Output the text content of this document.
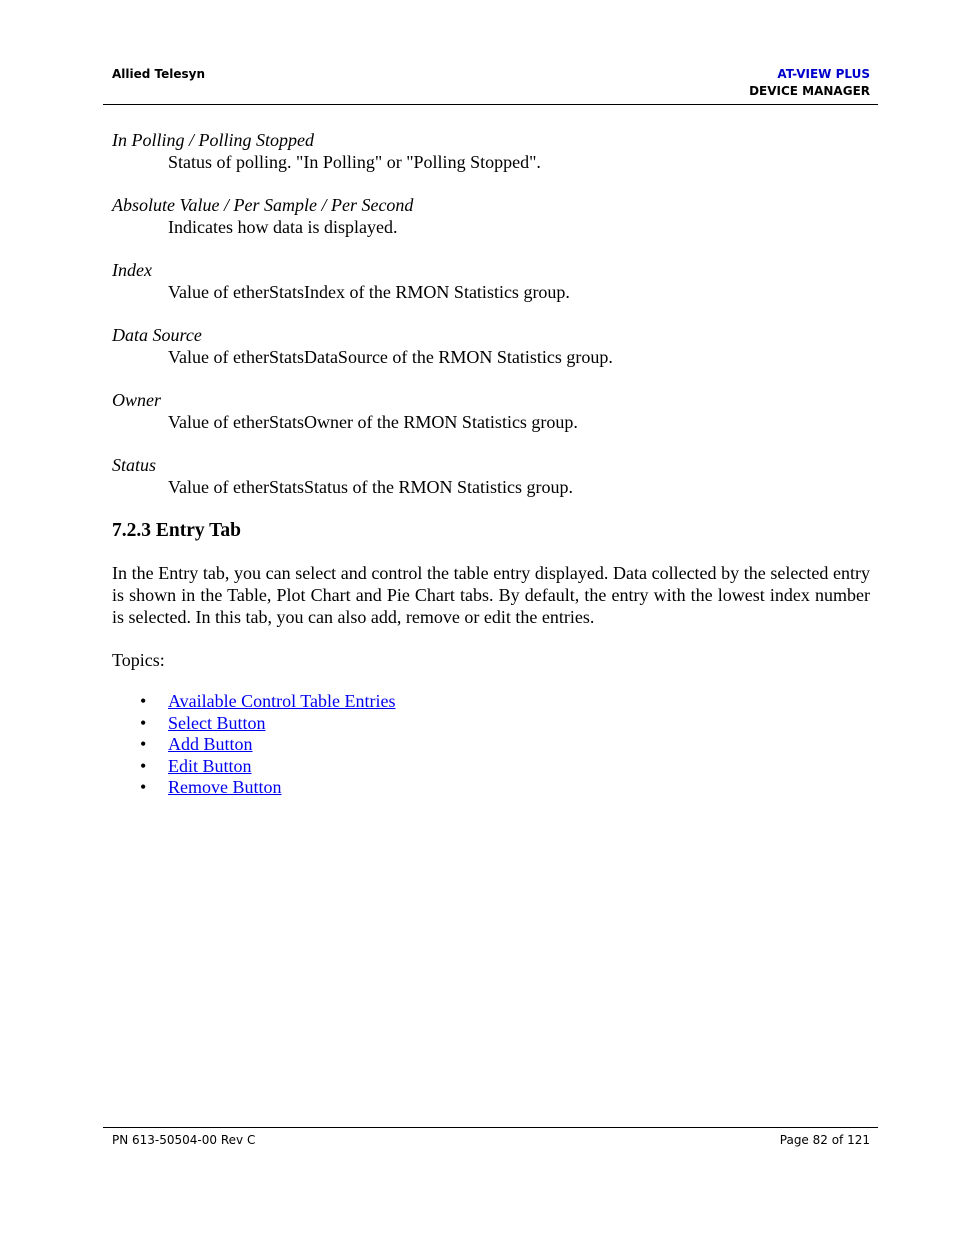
Allied Telesyn	AT-VIEW PLUS
DEVICE MANAGER

In Polling / Polling Stopped

Status of polling. "In Polling" or "Polling Stopped".

Absolute Value / Per Sample / Per Second

Indicates how data is displayed.

Index

Value of etherStatsIndex of the RMON Statistics group.

Data Source

Value of etherStatsDataSource of the RMON Statistics group.

Owner

Value of etherStatsOwner of the RMON Statistics group.

Status

Value of etherStatsStatus of the RMON Statistics group.

7.2.3 Entry Tab

In the Entry tab, you can select and control the table entry displayed. Data collected by the selected entry is shown in the Table, Plot Chart and Pie Chart tabs. By default, the entry with the lowest index number is selected. In this tab, you can also add, remove or edit the entries.

Topics:

• Available Control Table Entries
• Select Button
• Add Button
• Edit Button
• Remove Button
PN 613-50504-00 Rev C	Page 82 of 121
